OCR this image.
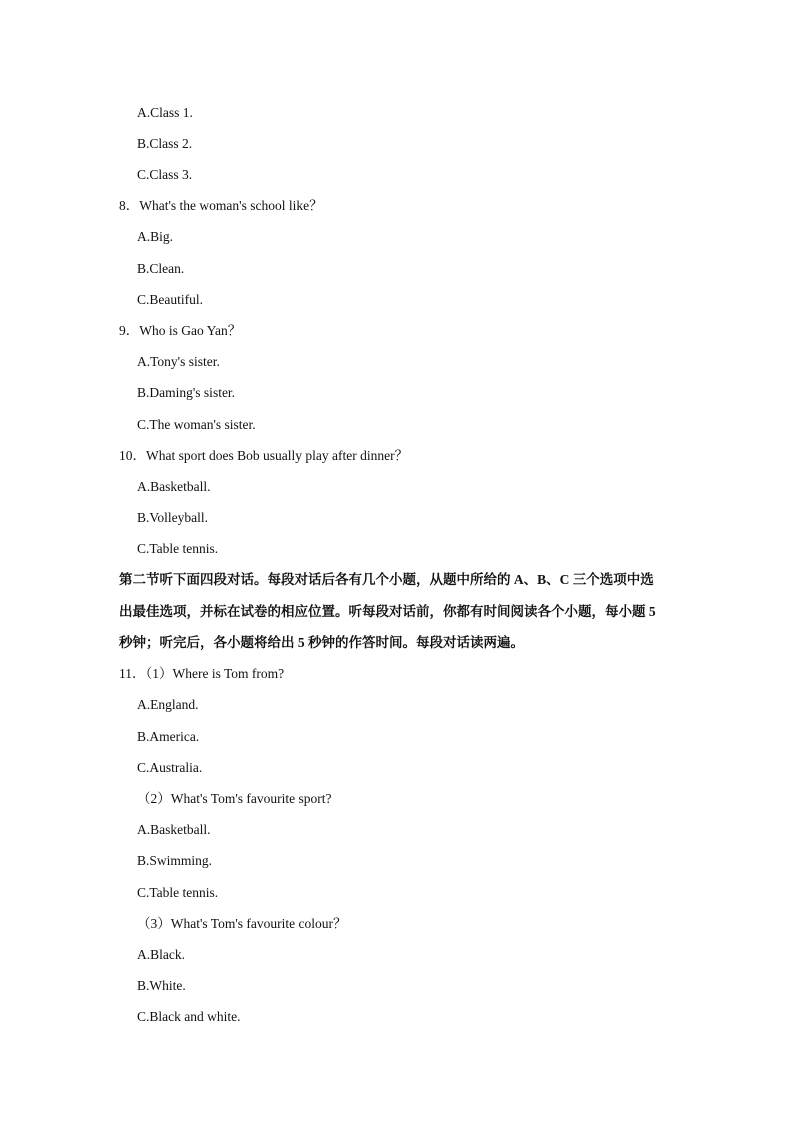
A.Class 1.
B.Class 2.
C.Class 3.
8．What's the woman's school like？
A.Big.
B.Clean.
C.Beautiful.
9．Who is Gao Yan？
A.Tony's sister.
B.Daming's sister.
C.The woman's sister.
10．What sport does Bob usually play after dinner？
A.Basketball.
B.Volleyball.
C.Table tennis.
第二节听下面四段对话。每段对话后各有几个小题，从题中所给的 A、B、C 三个选项中选
出最佳选项，并标在试卷的相应位置。听每段对话前，你都有时间阅读各个小题，每小题 5
秒钟；听完后，各小题将给出 5 秒钟的作答时间。每段对话读两遍。
11．（1）Where is Tom from?
A.England.
B.America.
C.Australia.
（2）What's Tom's favourite sport?
A.Basketball.
B.Swimming.
C.Table tennis.
（3）What's Tom's favourite colour？
A.Black.
B.White.
C.Black and white.
